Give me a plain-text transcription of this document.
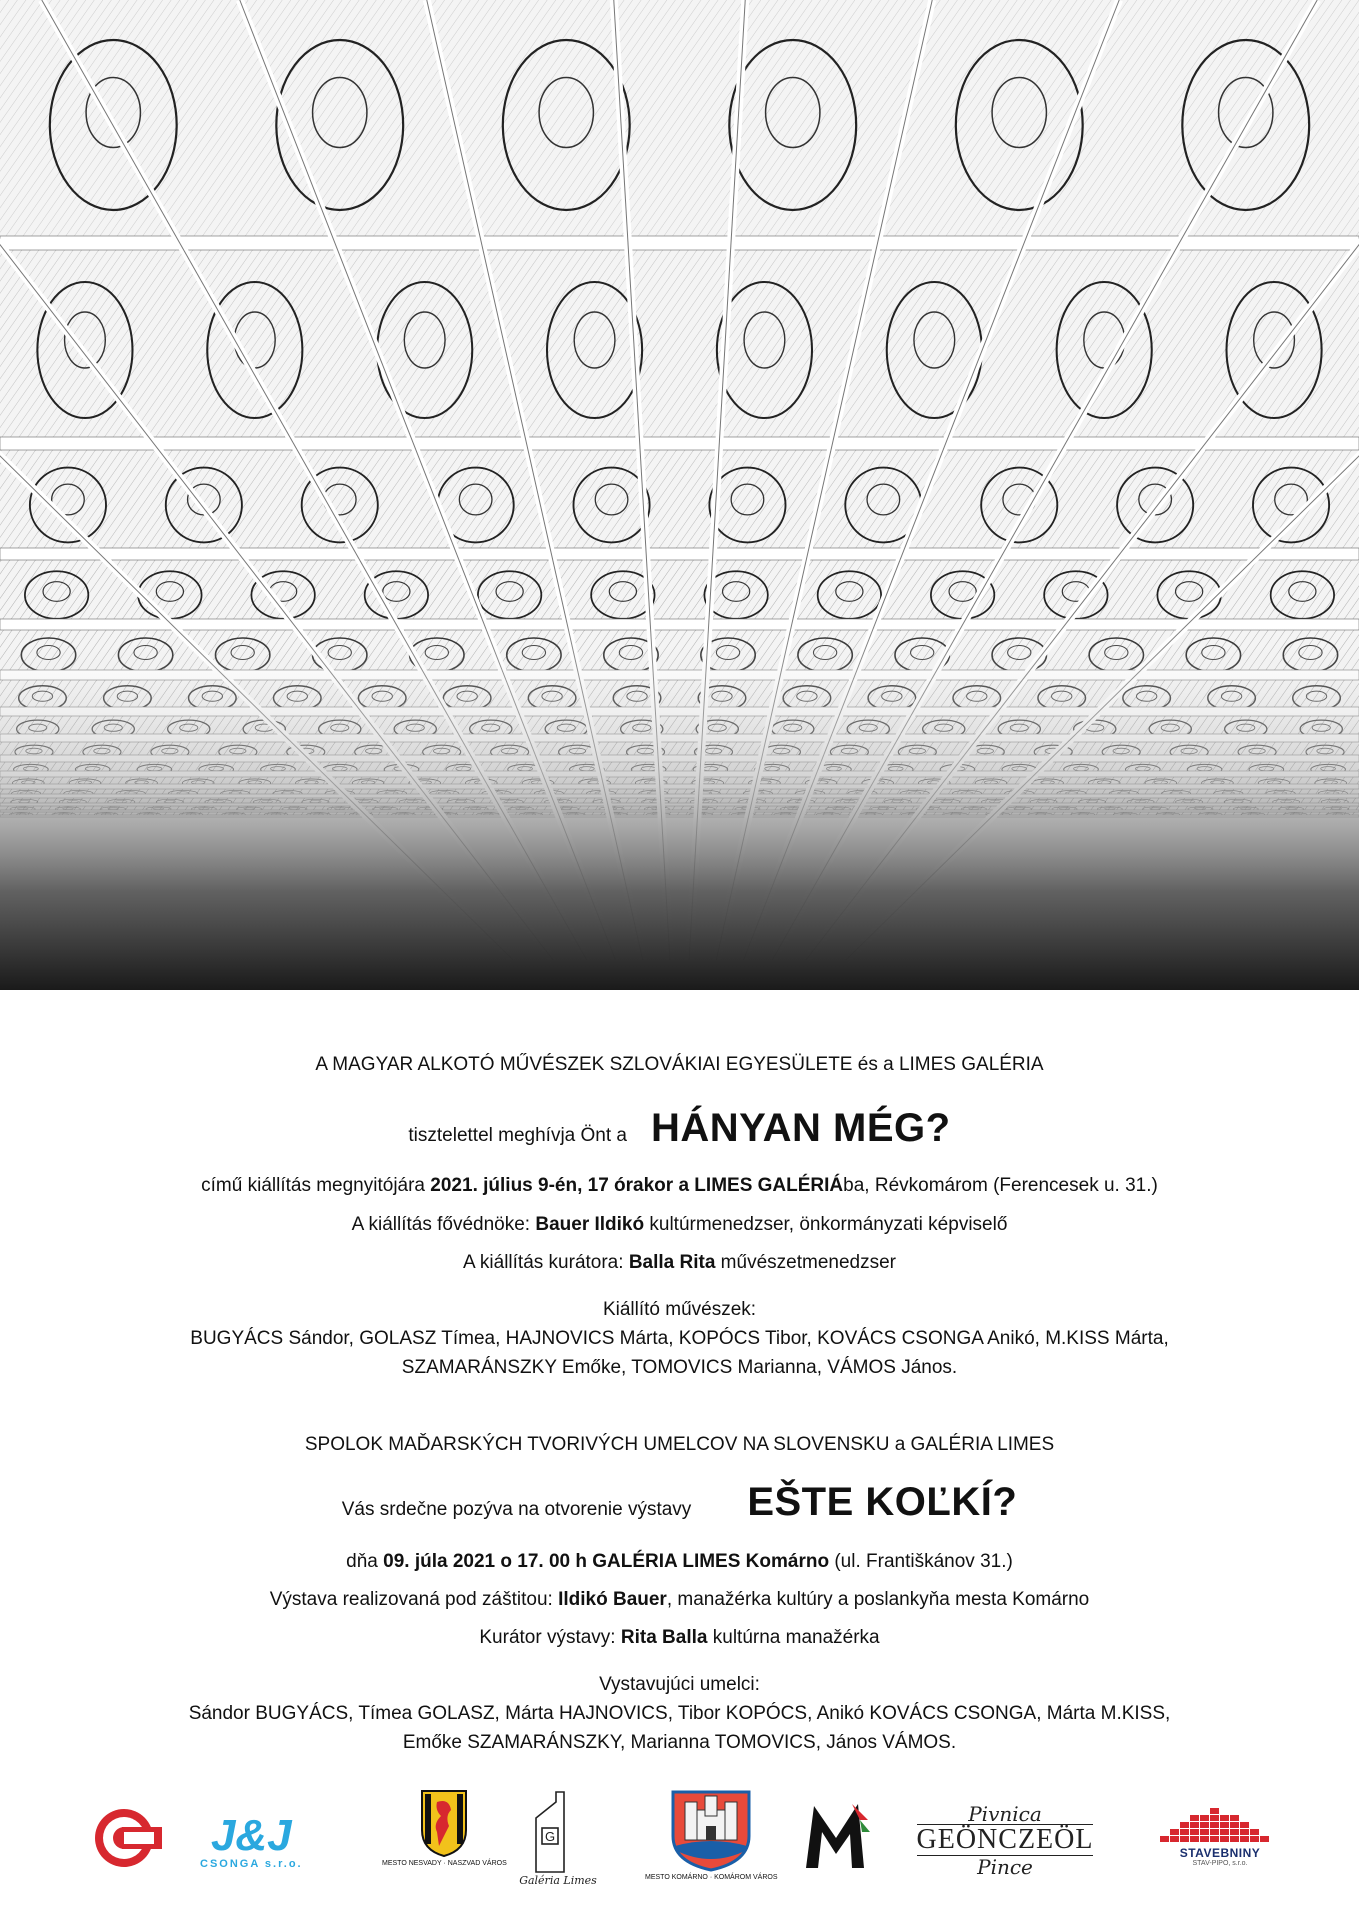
A MAGYAR ALKOTÓ MŰVÉSZEK SZLOVÁKIAI EGYESÜLETE és a LIMES GALÉRIA
tisztelettel meghívja Önt a HÁNYAN MÉG?
című kiállítás megnyitójára 2021. július 9-én, 17 órakor a LIMES GALÉRIÁba, Révkomárom (Ferencesek u. 31.)
A kiállítás fővédnöke: Bauer Ildikó kultúrmenedzser, önkormányzati képviselő
A kiállítás kurátora: Balla Rita művészetmenedzser
Kiállító művészek:
BUGYÁCS Sándor, GOLASZ Tímea, HAJNOVICS Márta, KOPÓCS Tibor, KOVÁCS CSONGA Anikó, M.KISS Márta,
SZAMARÁNSZKY Emőke, TOMOVICS Marianna, VÁMOS János.
SPOLOK MAĎARSKÝCH TVORIVÝCH UMELCOV NA SLOVENSKU a GALÉRIA LIMES
Vás srdečne pozýva na otvorenie výstavy EŠTE KOĽKÍ?
dňa 09. júla 2021 o 17. 00 h GALÉRIA LIMES Komárno (ul. Františkánov 31.)
Výstava realizovaná pod záštitou: Ildikó Bauer, manažérka kultúry a poslankyňa mesta Komárno
Kurátor výstavy: Rita Balla kultúrna manažérka
Vystavujúci umelci:
Sándor BUGYÁCS, Tímea GOLASZ, Márta HAJNOVICS, Tibor KOPÓCS, Anikó KOVÁCS CSONGA, Márta M.KISS,
Emőke SZAMARÁNSZKY, Marianna TOMOVICS, János VÁMOS.
J&J
CSONGA s.r.o.	MESTO NESVADY · NASZVAD VÁROS
G
Galéria Limes	MESTO KOMÁRNO · KOMÁROM VÁROS
Pivnica
GEÖNCZEÖL
Pince
STAVEBNINY
STAV-PIPO, s.r.o.
